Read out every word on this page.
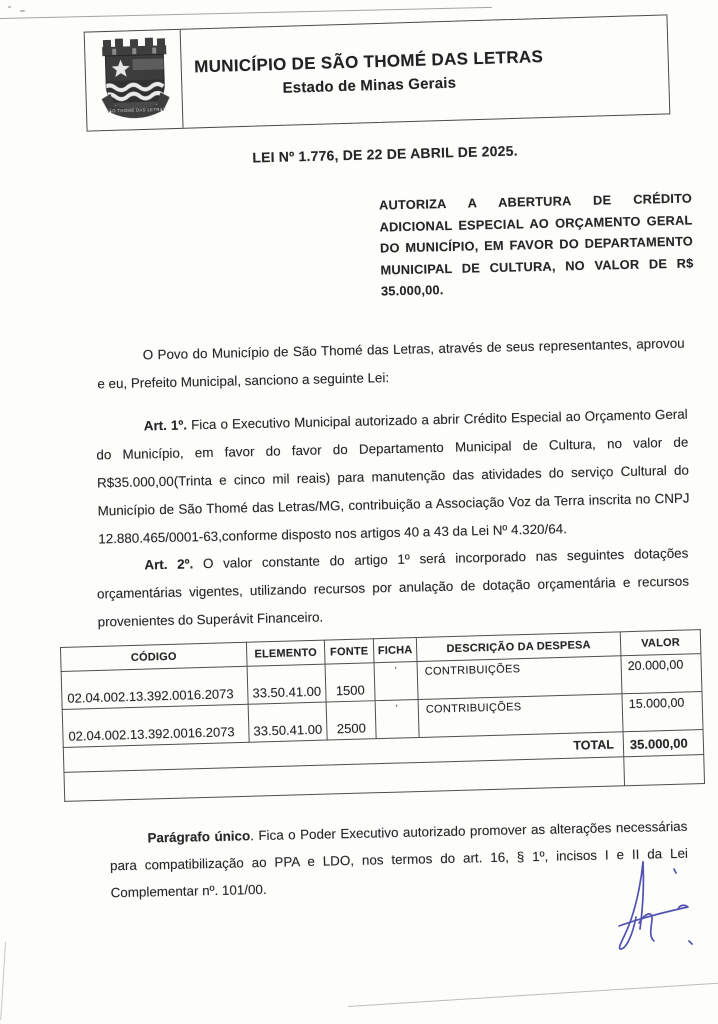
SÃO THOMÉ DAS LETRAS
MUNICÍPIO DE SÃO THOMÉ DAS LETRAS
Estado de Minas Gerais
LEI Nº 1.776, DE 22 DE ABRIL DE 2025.
AUTORIZA A ABERTURA DE CRÉDITO ADICIONAL ESPECIAL AO ORÇAMENTO GERAL DO MUNICÍPIO, EM FAVOR DO DEPARTAMENTO MUNICIPAL DE CULTURA, NO VALOR DE R$ 35.000,00.

O Povo do Município de São Thomé das Letras, através de seus representantes, aprovou e eu, Prefeito Municipal, sanciono a seguinte Lei:

Art. 1º. Fica o Executivo Municipal autorizado a abrir Crédito Especial ao Orçamento Geral do Município, em favor do favor do Departamento Municipal de Cultura, no valor de R$35.000,00(Trinta e cinco mil reais) para manutenção das atividades do serviço Cultural do Município de São Thomé das Letras/MG, contribuição a Associação Voz da Terra inscrita no CNPJ 12.880.465/0001-63,conforme disposto nos artigos 40 a 43 da Lei Nº 4.320/64.

Art. 2º. O valor constante do artigo 1º será incorporado nas seguintes dotações orçamentárias vigentes, utilizando recursos por anulação de dotação orçamentária e recursos provenientes do Superávit Financeiro.

CÓDIGO	ELEMENTO	FONTE	FICHA	DESCRIÇÃO DA DESPESA	VALOR
02.04.002.13.392.0016.2073	33.50.41.00	1500	'	CONTRIBUIÇÕES	20.000,00
02.04.002.13.392.0016.2073	33.50.41.00	2500	'	CONTRIBUIÇÕES	15.000,00
TOTAL					35.000,00

Parágrafo único. Fica o Poder Executivo autorizado promover as alterações necessárias para compatibilização ao PPA e LDO, nos termos do art. 16, § 1º, incisos I e II da Lei Complementar nº. 101/00.
